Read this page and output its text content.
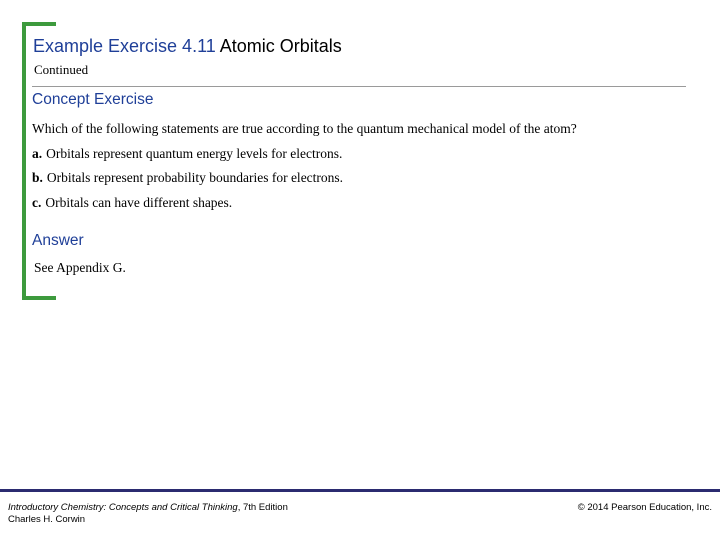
Example Exercise 4.11 Atomic Orbitals
Continued
Concept Exercise
Which of the following statements are true according to the quantum mechanical model of the atom?
a. Orbitals represent quantum energy levels for electrons.
b. Orbitals represent probability boundaries for electrons.
c. Orbitals can have different shapes.
Answer
See Appendix G.
Introductory Chemistry: Concepts and Critical Thinking, 7th Edition
Charles H. Corwin
© 2014 Pearson Education, Inc.
